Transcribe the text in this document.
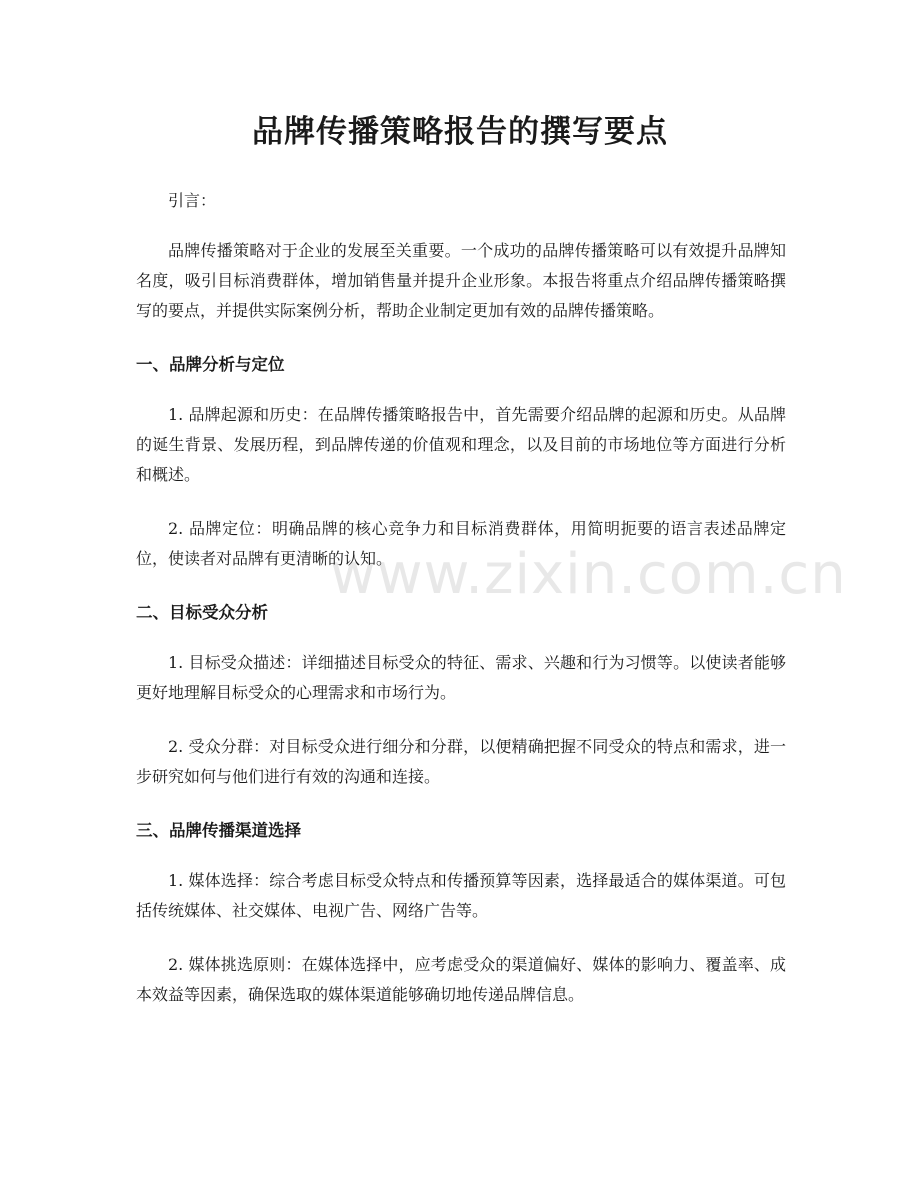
www.zixin.com.cn
品牌传播策略报告的撰写要点

引言：

品牌传播策略对于企业的发展至关重要。一个成功的品牌传播策略可以有效提升品牌知名度，吸引目标消费群体，增加销售量并提升企业形象。本报告将重点介绍品牌传播策略撰写的要点，并提供实际案例分析，帮助企业制定更加有效的品牌传播策略。

一、品牌分析与定位

1. 品牌起源和历史：在品牌传播策略报告中，首先需要介绍品牌的起源和历史。从品牌的诞生背景、发展历程，到品牌传递的价值观和理念，以及目前的市场地位等方面进行分析和概述。

2. 品牌定位：明确品牌的核心竞争力和目标消费群体，用简明扼要的语言表述品牌定位，使读者对品牌有更清晰的认知。

二、目标受众分析

1. 目标受众描述：详细描述目标受众的特征、需求、兴趣和行为习惯等。以使读者能够更好地理解目标受众的心理需求和市场行为。

2. 受众分群：对目标受众进行细分和分群，以便精确把握不同受众的特点和需求，进一步研究如何与他们进行有效的沟通和连接。

三、品牌传播渠道选择

1. 媒体选择：综合考虑目标受众特点和传播预算等因素，选择最适合的媒体渠道。可包括传统媒体、社交媒体、电视广告、网络广告等。

2. 媒体挑选原则：在媒体选择中，应考虑受众的渠道偏好、媒体的影响力、覆盖率、成本效益等因素，确保选取的媒体渠道能够确切地传递品牌信息。
